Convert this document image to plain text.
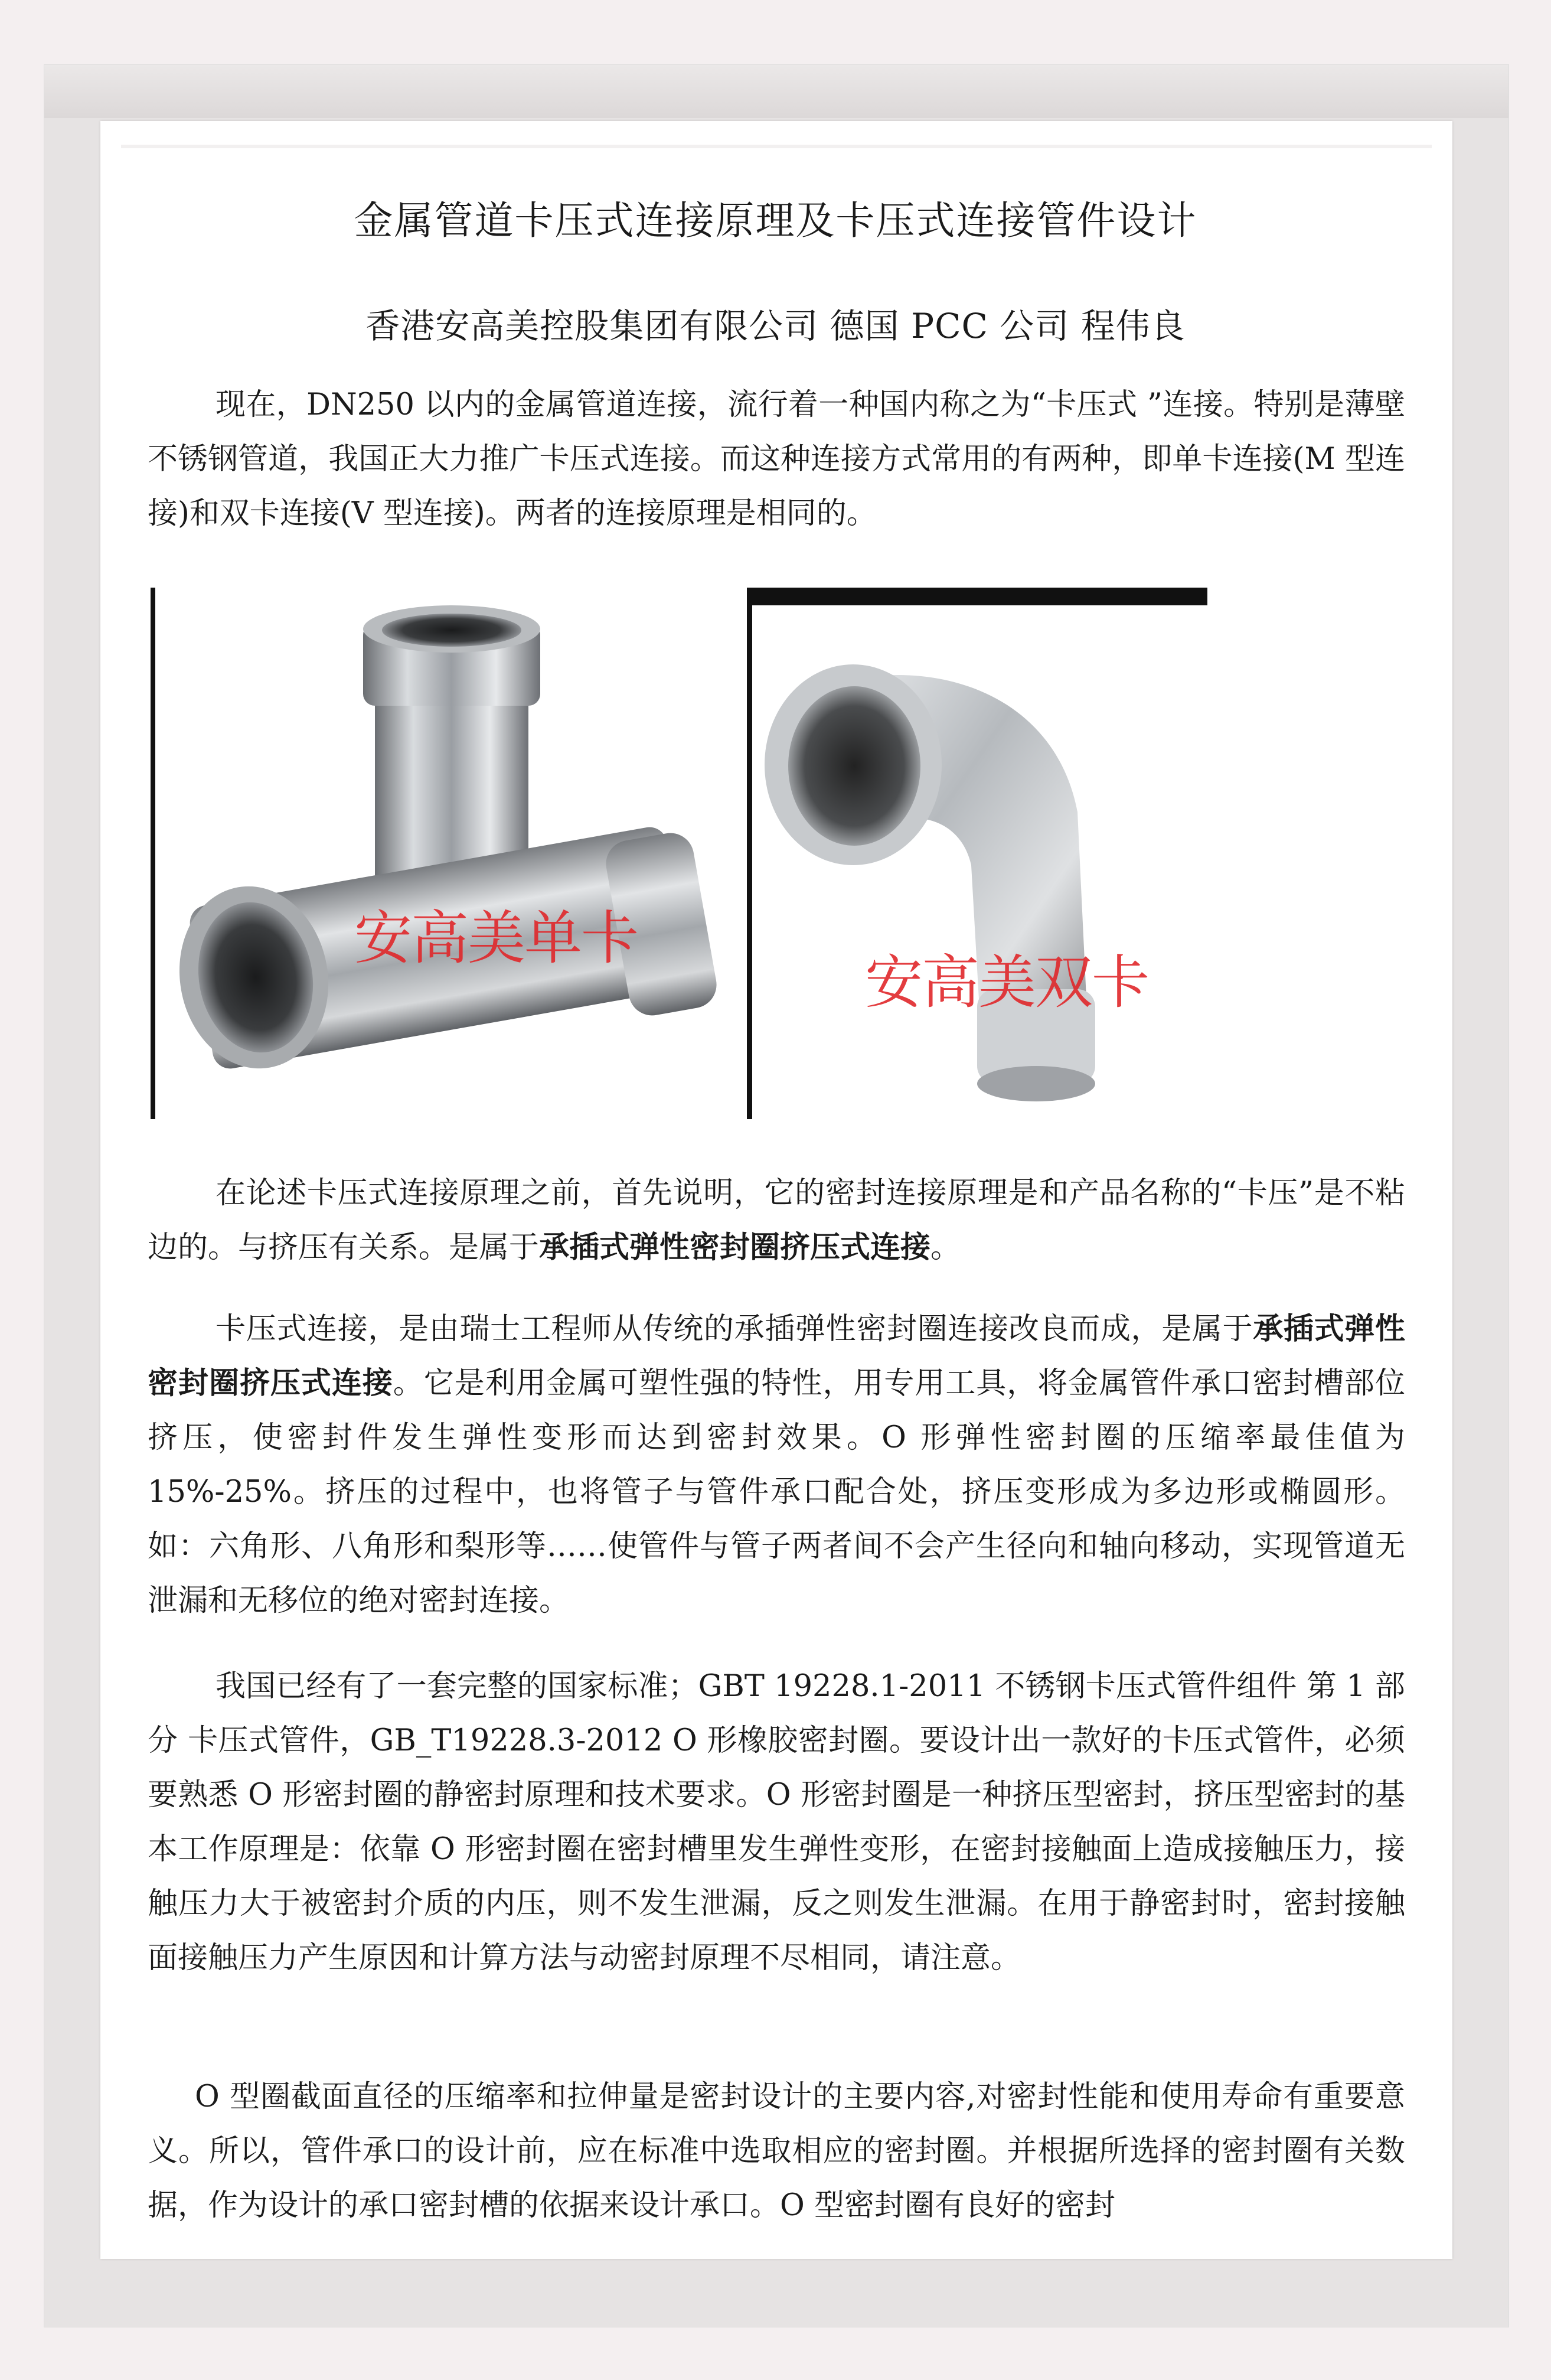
金属管道卡压式连接原理及卡压式连接管件设计
香港安高美控股集团有限公司 德国 PCC 公司 程伟良
现在，DN250 以内的金属管道连接，流行着一种国内称之为“卡压式 ”连接。特别是薄壁不锈钢管道，我国正大力推广卡压式连接。而这种连接方式常用的有两种，即单卡连接(M 型连接)和双卡连接(V 型连接)。两者的连接原理是相同的。
安高美单卡
安高美双卡
在论述卡压式连接原理之前，首先说明，它的密封连接原理是和产品名称的“卡压”是不粘边的。与挤压有关系。是属于承插式弹性密封圈挤压式连接。
卡压式连接，是由瑞士工程师从传统的承插弹性密封圈连接改良而成，是属于承插式弹性密封圈挤压式连接。它是利用金属可塑性强的特性，用专用工具，将金属管件承口密封槽部位挤压，使密封件发生弹性变形而达到密封效果。O 形弹性密封圈的压缩率最佳值为 15%-25%。挤压的过程中，也将管子与管件承口配合处，挤压变形成为多边形或椭圆形。如：六角形、八角形和梨形等……使管件与管子两者间不会产生径向和轴向移动，实现管道无泄漏和无移位的绝对密封连接。
我国已经有了一套完整的国家标准；GBT 19228.1-2011 不锈钢卡压式管件组件 第 1 部分 卡压式管件，GB_T19228.3-2012 O 形橡胶密封圈。要设计出一款好的卡压式管件，必须要熟悉 O 形密封圈的静密封原理和技术要求。O 形密封圈是一种挤压型密封，挤压型密封的基本工作原理是：依靠 O 形密封圈在密封槽里发生弹性变形，在密封接触面上造成接触压力，接触压力大于被密封介质的内压，则不发生泄漏，反之则发生泄漏。在用于静密封时，密封接触面接触压力产生原因和计算方法与动密封原理不尽相同，请注意。
O 型圈截面直径的压缩率和拉伸量是密封设计的主要内容,对密封性能和使用寿命有重要意义。所以，管件承口的设计前，应在标准中选取相应的密封圈。并根据所选择的密封圈有关数据，作为设计的承口密封槽的依据来设计承口。O 型密封圈有良好的密封
